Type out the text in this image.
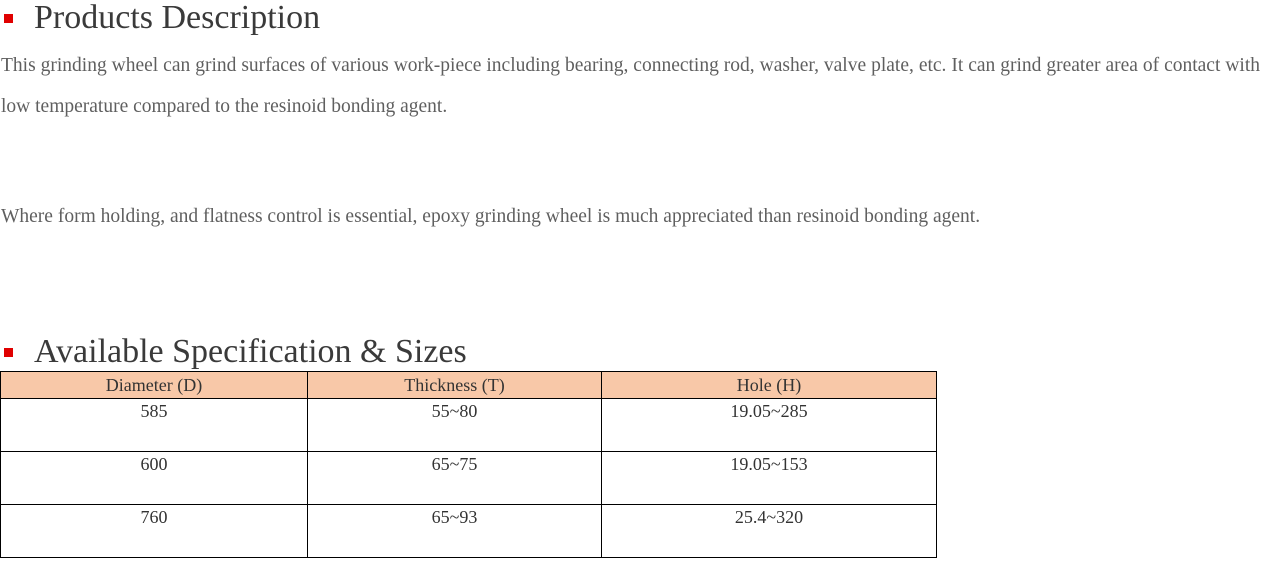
Products Description

This grinding wheel can grind surfaces of various work-piece including bearing, connecting rod, washer, valve plate, etc. It can grind greater area of contact with low temperature compared to the resinoid bonding agent.

Where form holding, and flatness control is essential, epoxy grinding wheel is much appreciated than resinoid bonding agent.

Available Specification & Sizes
Diameter (D)	Thickness (T)	Hole (H)
585	55~80	19.05~285
600	65~75	19.05~153
760	65~93	25.4~320
